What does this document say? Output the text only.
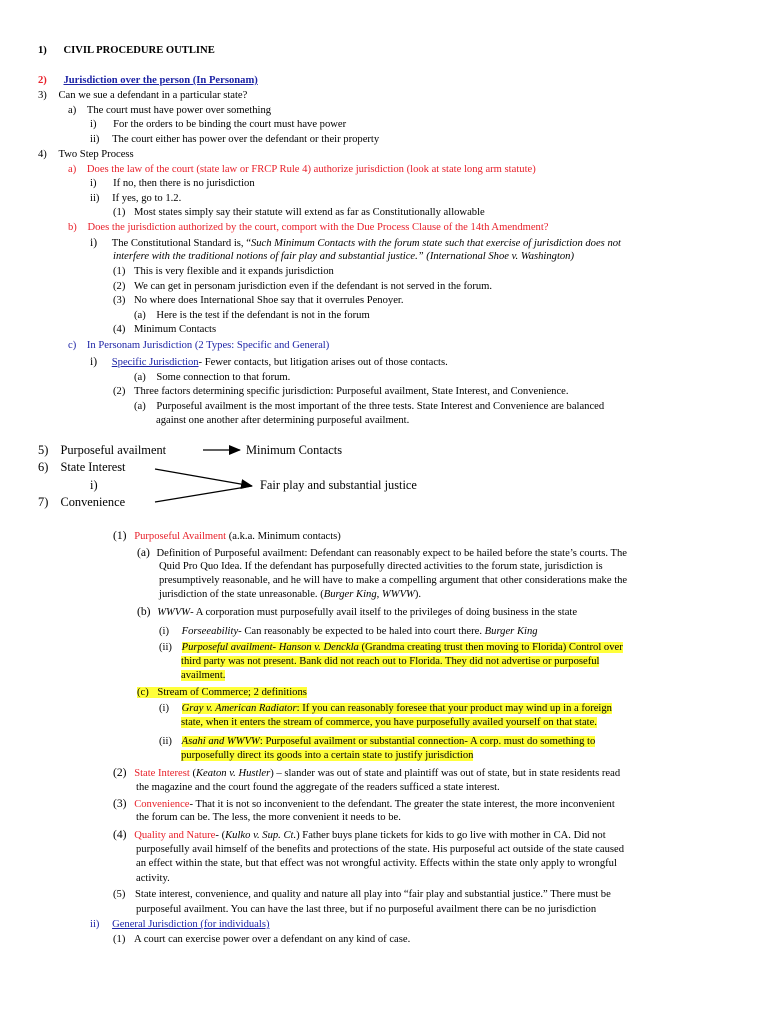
1) CIVIL PROCEDURE OUTLINE
2) Jurisdiction over the person (In Personam)
3) Can we sue a defendant in a particular state?
a) The court must have power over something
i) For the orders to be binding the court must have power
ii) The court either has power over the defendant or their property
4) Two Step Process
a) Does the law of the court (state law or FRCP Rule 4) authorize jurisdiction (look at state long arm statute)
i) If no, then there is no jurisdiction
ii) If yes, go to 1.2.
(1) Most states simply say their statute will extend as far as Constitutionally allowable
b) Does the jurisdiction authorized by the court, comport with the Due Process Clause of the 14th Amendment?
i) The Constitutional Standard is, “Such Minimum Contacts with the forum state such that exercise of jurisdiction does not
interfere with the traditional notions of fair play and substantial justice.” (International Shoe v. Washington)
(1) This is very flexible and it expands jurisdiction
(2) We can get in personam jurisdiction even if the defendant is not served in the forum.
(3) No where does International Shoe say that it overrules Penoyer.
(a) Here is the test if the defendant is not in the forum
(4) Minimum Contacts
c) In Personam Jurisdiction (2 Types: Specific and General)
i) Specific Jurisdiction- Fewer contacts, but litigation arises out of those contacts.
(a) Some connection to that forum.
(2) Three factors determining specific jurisdiction: Purposeful availment, State Interest, and Convenience.
(a) Purposeful availment is the most important of the three tests. State Interest and Convenience are balanced
against one another after determining purposeful availment.
5) Purposeful availment	Minimum Contacts
6) State Interest
i)	Fair play and substantial justice
7) Convenience
(1) Purposeful Availment (a.k.a. Minimum contacts)
(a) Definition of Purposeful availment: Defendant can reasonably expect to be hailed before the state’s courts. The
Quid Pro Quo Idea. If the defendant has purposefully directed activities to the forum state, jurisdiction is
presumptively reasonable, and he will have to make a compelling argument that other considerations make the
jurisdiction of the state unreasonable. (Burger King, WWVW).
(b) WWVW- A corporation must purposefully avail itself to the privileges of doing business in the state
(i) Forseeability- Can reasonably be expected to be haled into court there. Burger King
(ii) Purposeful availment- Hanson v. Denckla (Grandma creating trust then moving to Florida) Control over
third party was not present. Bank did not reach out to Florida. They did not advertise or purposeful
availment.
(c) Stream of Commerce; 2 definitions
(i) Gray v. American Radiator: If you can reasonably foresee that your product may wind up in a foreign
state, when it enters the stream of commerce, you have purposefully availed yourself on that state.
(ii) Asahi and WWVW: Purposeful availment or substantial connection- A corp. must do something to
purposefully direct its goods into a certain state to justify jurisdiction
(2) State Interest (Keaton v. Hustler) – slander was out of state and plaintiff was out of state, but in state residents read
the magazine and the court found the aggregate of the readers sufficed a state interest.
(3) Convenience- That it is not so inconvenient to the defendant. The greater the state interest, the more inconvenient
the forum can be. The less, the more convenient it needs to be.
(4) Quality and Nature- (Kulko v. Sup. Ct.) Father buys plane tickets for kids to go live with mother in CA. Did not
purposefully avail himself of the benefits and protections of the state. His purposeful act outside of the state caused
an effect within the state, but that effect was not wrongful activity. Effects within the state only apply to wrongful
activity.
(5) State interest, convenience, and quality and nature all play into “fair play and substantial justice.” There must be
purposeful availment. You can have the last three, but if no purposeful availment there can be no jurisdiction
ii) General Jurisdiction (for individuals)
(1) A court can exercise power over a defendant on any kind of case.
